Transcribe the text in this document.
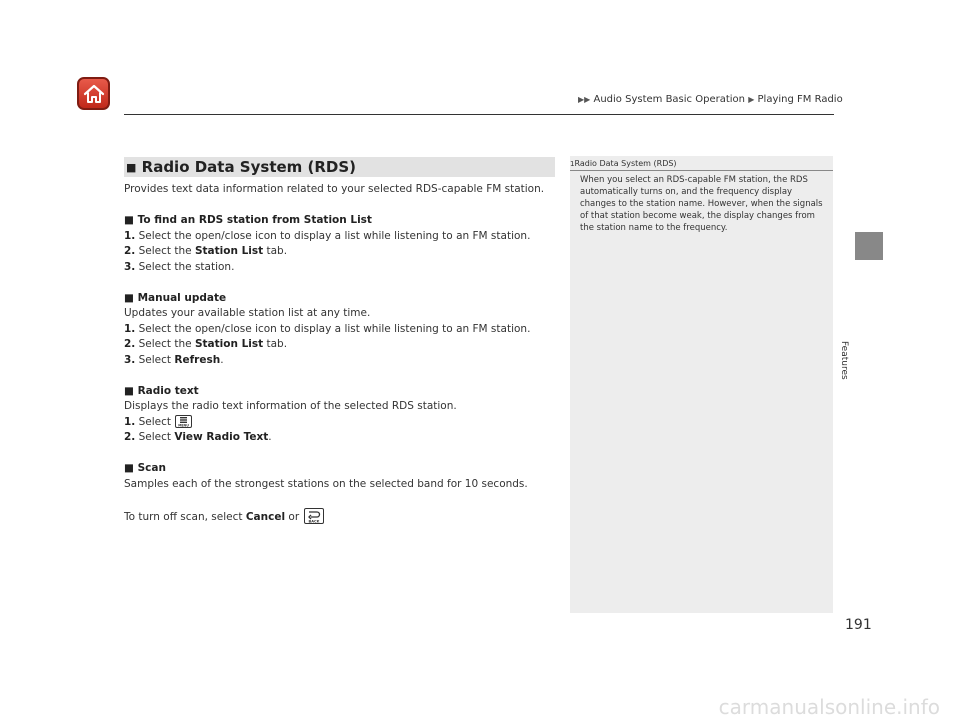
▶▶ Audio System Basic Operation ▶ Playing FM Radio
Features
■ Radio Data System (RDS)
Provides text data information related to your selected RDS-capable FM station.
■ To find an RDS station from Station List
1. Select the open/close icon to display a list while listening to an FM station.
2. Select the Station List tab.
3. Select the station.
■ Manual update
Updates your available station list at any time.
1. Select the open/close icon to display a list while listening to an FM station.
2. Select the Station List tab.
3. Select Refresh.
■ Radio text
Displays the radio text information of the selected RDS station.
1. Select MENU
2. Select View Radio Text.
■ Scan
Samples each of the strongest stations on the selected band for 10 seconds.
To turn off scan, select Cancel or BACK
1Radio Data System (RDS)
When you select an RDS-capable FM station, the RDS automatically turns on, and the frequency display changes to the station name. However, when the signals of that station become weak, the display changes from the station name to the frequency.
191
carmanualsonline.info
